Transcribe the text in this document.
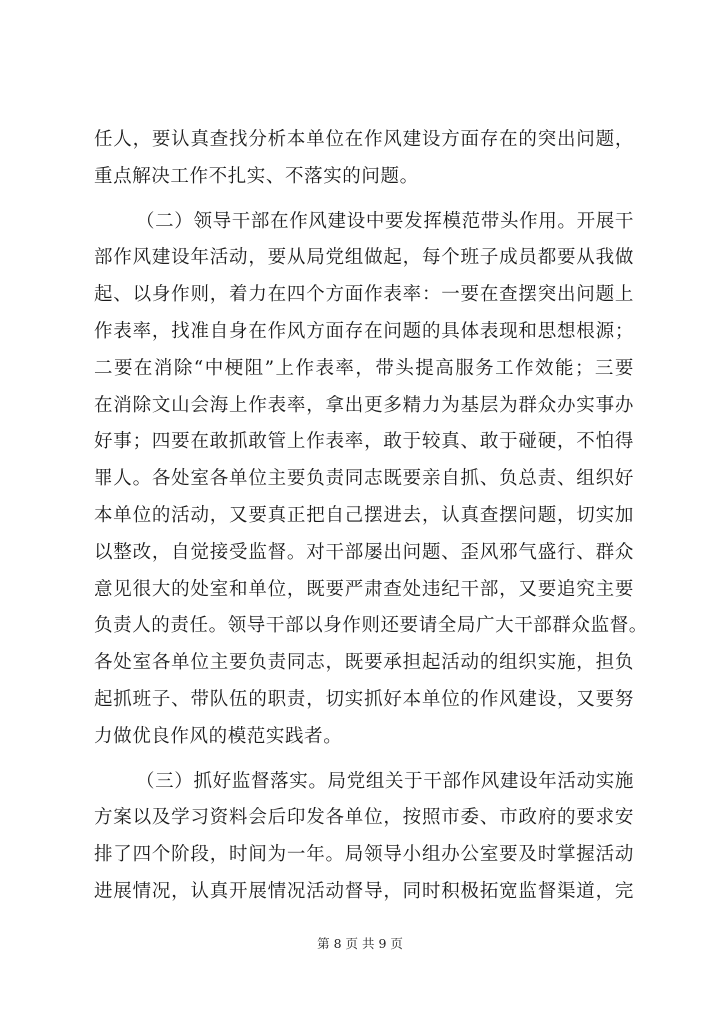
任人，要认真查找分析本单位在作风建设方面存在的突出问题，
重点解决工作不扎实、不落实的问题。
（二）领导干部在作风建设中要发挥模范带头作用。开展干
部作风建设年活动，要从局党组做起，每个班子成员都要从我做
起、以身作则，着力在四个方面作表率：一要在查摆突出问题上
作表率，找准自身在作风方面存在问题的具体表现和思想根源；
二要在消除“中梗阻”上作表率，带头提高服务工作效能；三要
在消除文山会海上作表率，拿出更多精力为基层为群众办实事办
好事；四要在敢抓敢管上作表率，敢于较真、敢于碰硬，不怕得
罪人。各处室各单位主要负责同志既要亲自抓、负总责、组织好
本单位的活动，又要真正把自己摆进去，认真查摆问题，切实加
以整改，自觉接受监督。对干部屡出问题、歪风邪气盛行、群众
意见很大的处室和单位，既要严肃查处违纪干部，又要追究主要
负责人的责任。领导干部以身作则还要请全局广大干部群众监督。
各处室各单位主要负责同志，既要承担起活动的组织实施，担负
起抓班子、带队伍的职责，切实抓好本单位的作风建设，又要努
力做优良作风的模范实践者。
（三）抓好监督落实。局党组关于干部作风建设年活动实施
方案以及学习资料会后印发各单位，按照市委、市政府的要求安
排了四个阶段，时间为一年。局领导小组办公室要及时掌握活动
进展情况，认真开展情况活动督导，同时积极拓宽监督渠道，完
第 8 页 共 9 页
